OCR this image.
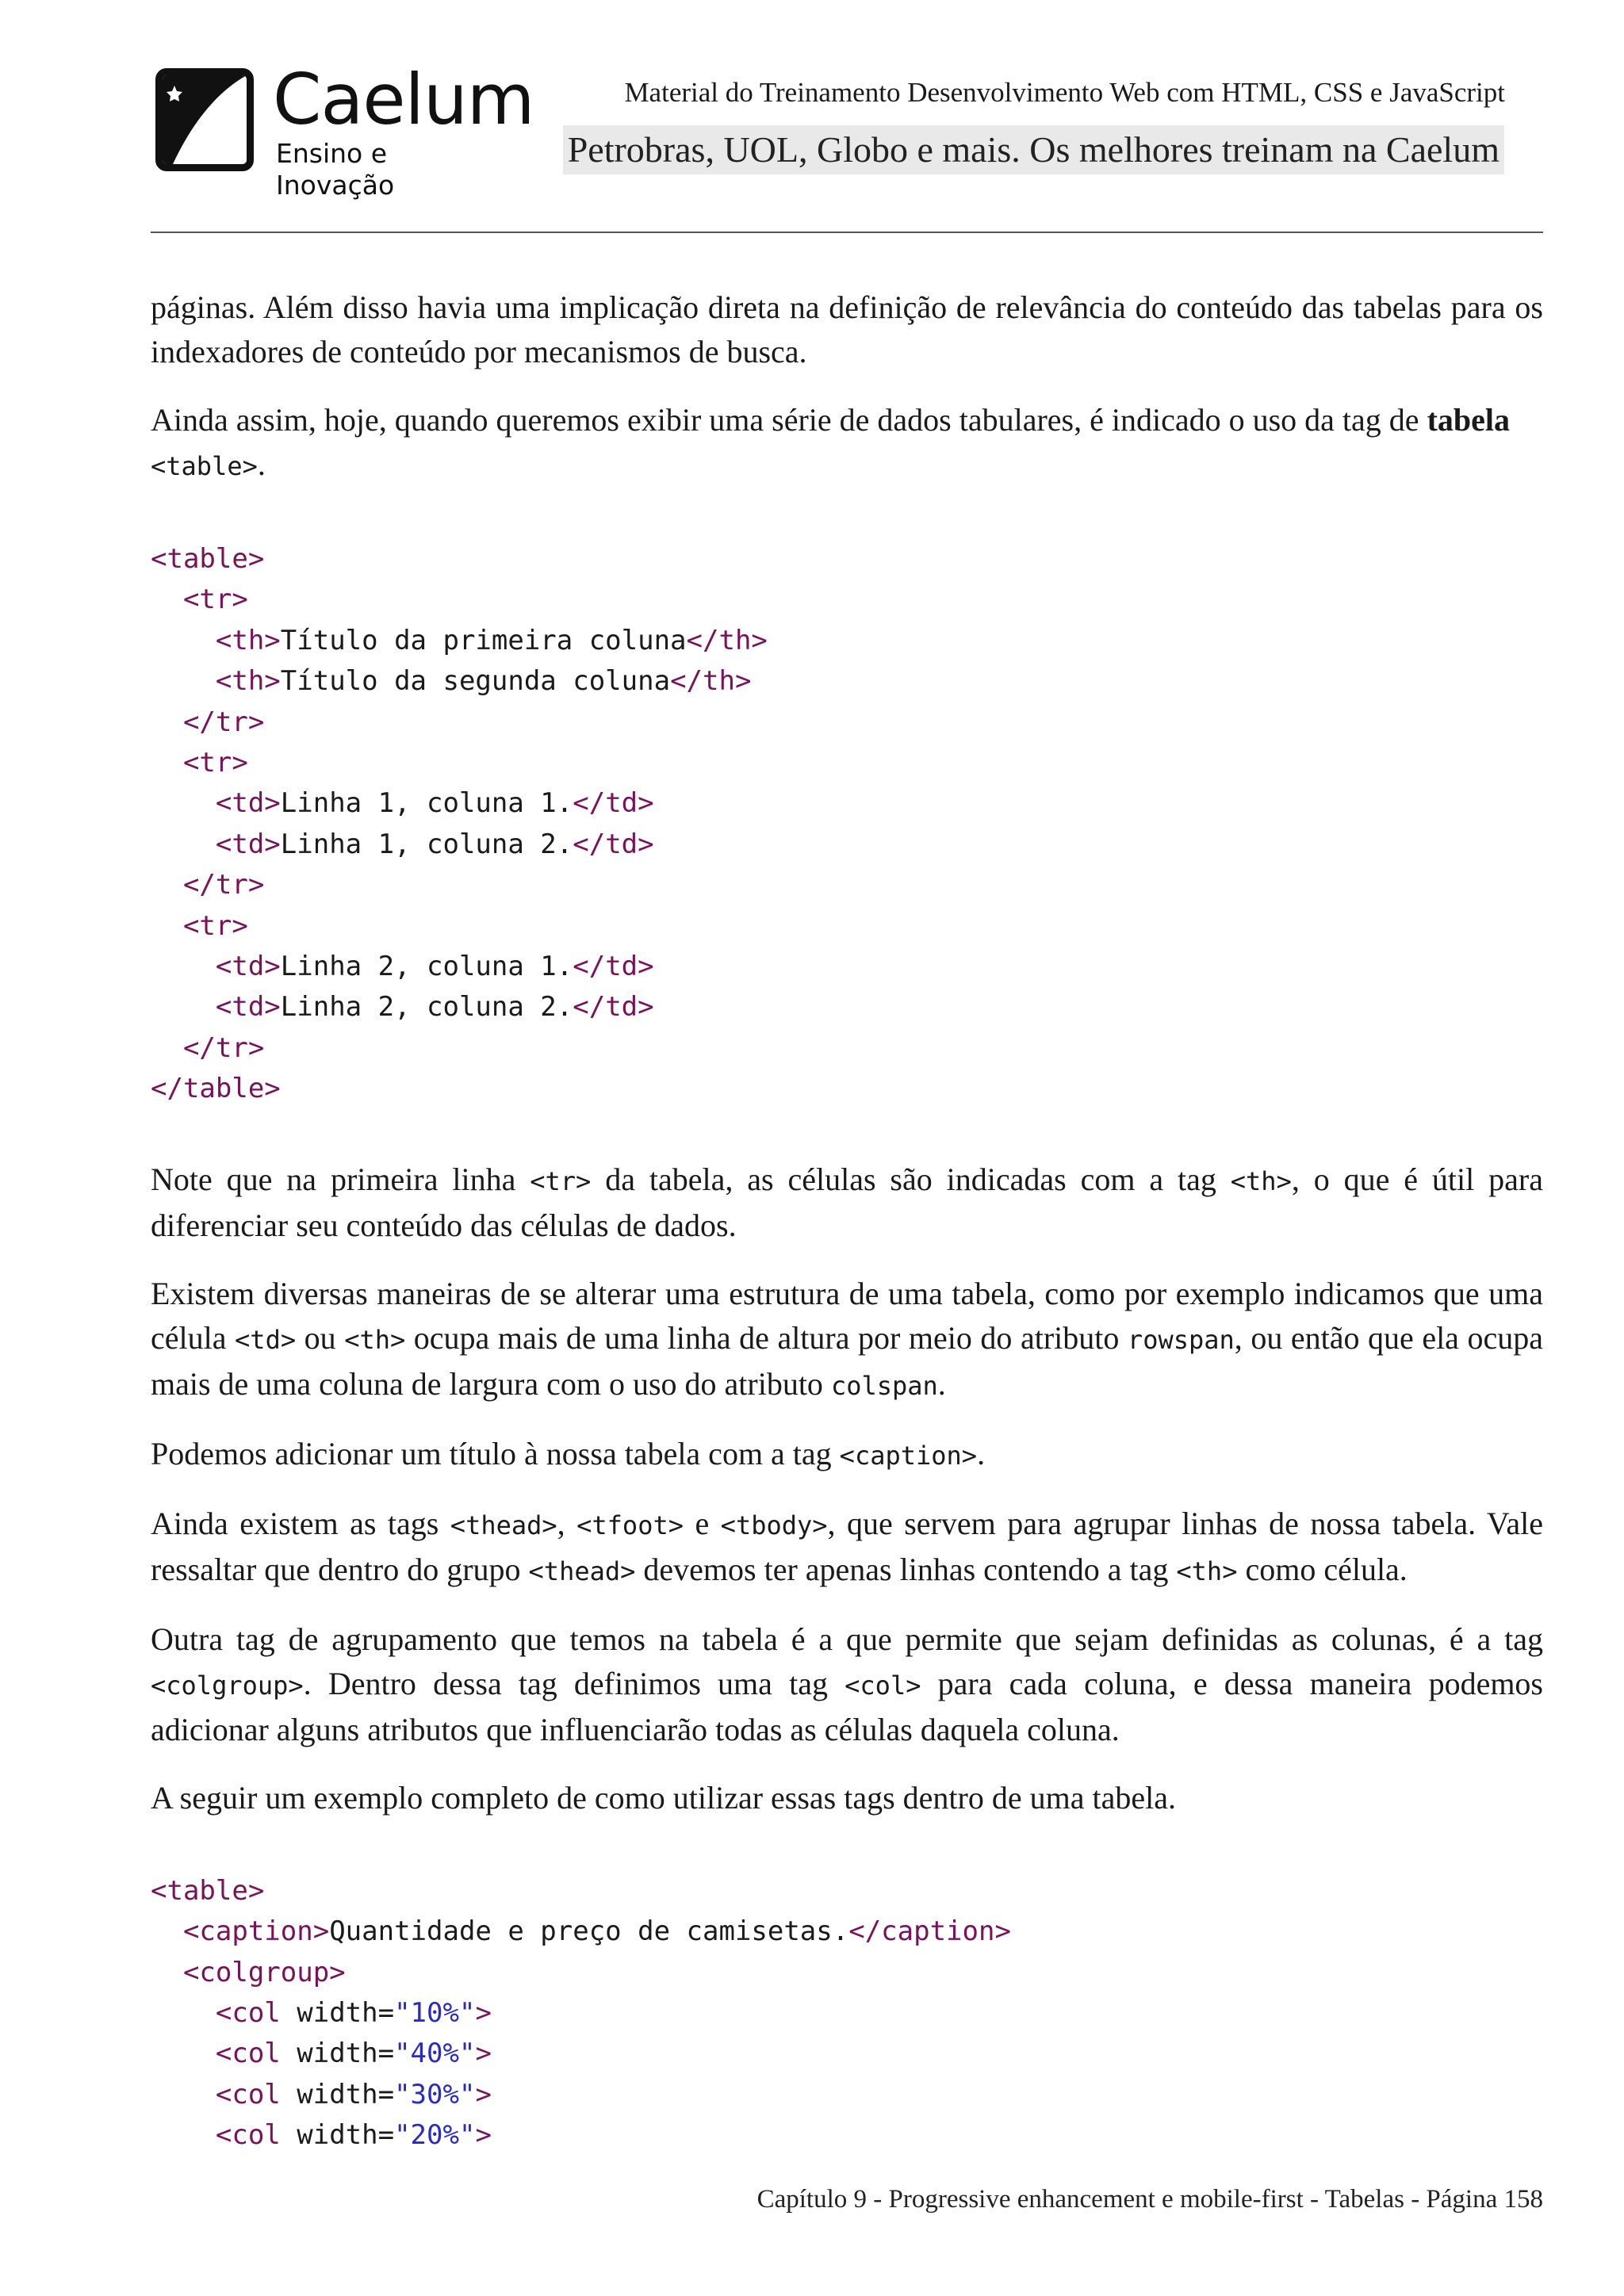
Caelum
Ensino e Inovação
Material do Treinamento Desenvolvimento Web com HTML, CSS e JavaScript
Petrobras, UOL, Globo e mais. Os melhores treinam na Caelum

páginas. Além disso havia uma implicação direta na definição de relevância do conteúdo das tabelas para os indexadores de conteúdo por mecanismos de busca.

Ainda assim, hoje, quando queremos exibir uma série de dados tabulares, é indicado o uso da tag de tabela
<table>.

<table>
<tr>
<th>Título da primeira coluna</th>
<th>Título da segunda coluna</th>
</tr>
<tr>
<td>Linha 1, coluna 1.</td>
<td>Linha 1, coluna 2.</td>
</tr>
<tr>
<td>Linha 2, coluna 1.</td>
<td>Linha 2, coluna 2.</td>
</tr>
</table>

Note que na primeira linha <tr> da tabela, as células são indicadas com a tag <th>, o que é útil para diferenciar seu conteúdo das células de dados.

Existem diversas maneiras de se alterar uma estrutura de uma tabela, como por exemplo indicamos que uma célula <td> ou <th> ocupa mais de uma linha de altura por meio do atributo rowspan, ou então que ela ocupa mais de uma coluna de largura com o uso do atributo colspan.

Podemos adicionar um título à nossa tabela com a tag <caption>.

Ainda existem as tags <thead>, <tfoot> e <tbody>, que servem para agrupar linhas de nossa tabela. Vale ressaltar que dentro do grupo <thead> devemos ter apenas linhas contendo a tag <th> como célula.

Outra tag de agrupamento que temos na tabela é a que permite que sejam definidas as colunas, é a tag <colgroup>. Dentro dessa tag definimos uma tag <col> para cada coluna, e dessa maneira podemos adicionar alguns atributos que influenciarão todas as células daquela coluna.

A seguir um exemplo completo de como utilizar essas tags dentro de uma tabela.

<table>
<caption>Quantidade e preço de camisetas.</caption>
<colgroup>
<col width="10%">
<col width="40%">
<col width="30%">
<col width="20%">
Capítulo 9 - Progressive enhancement e mobile-first - Tabelas - Página 158
